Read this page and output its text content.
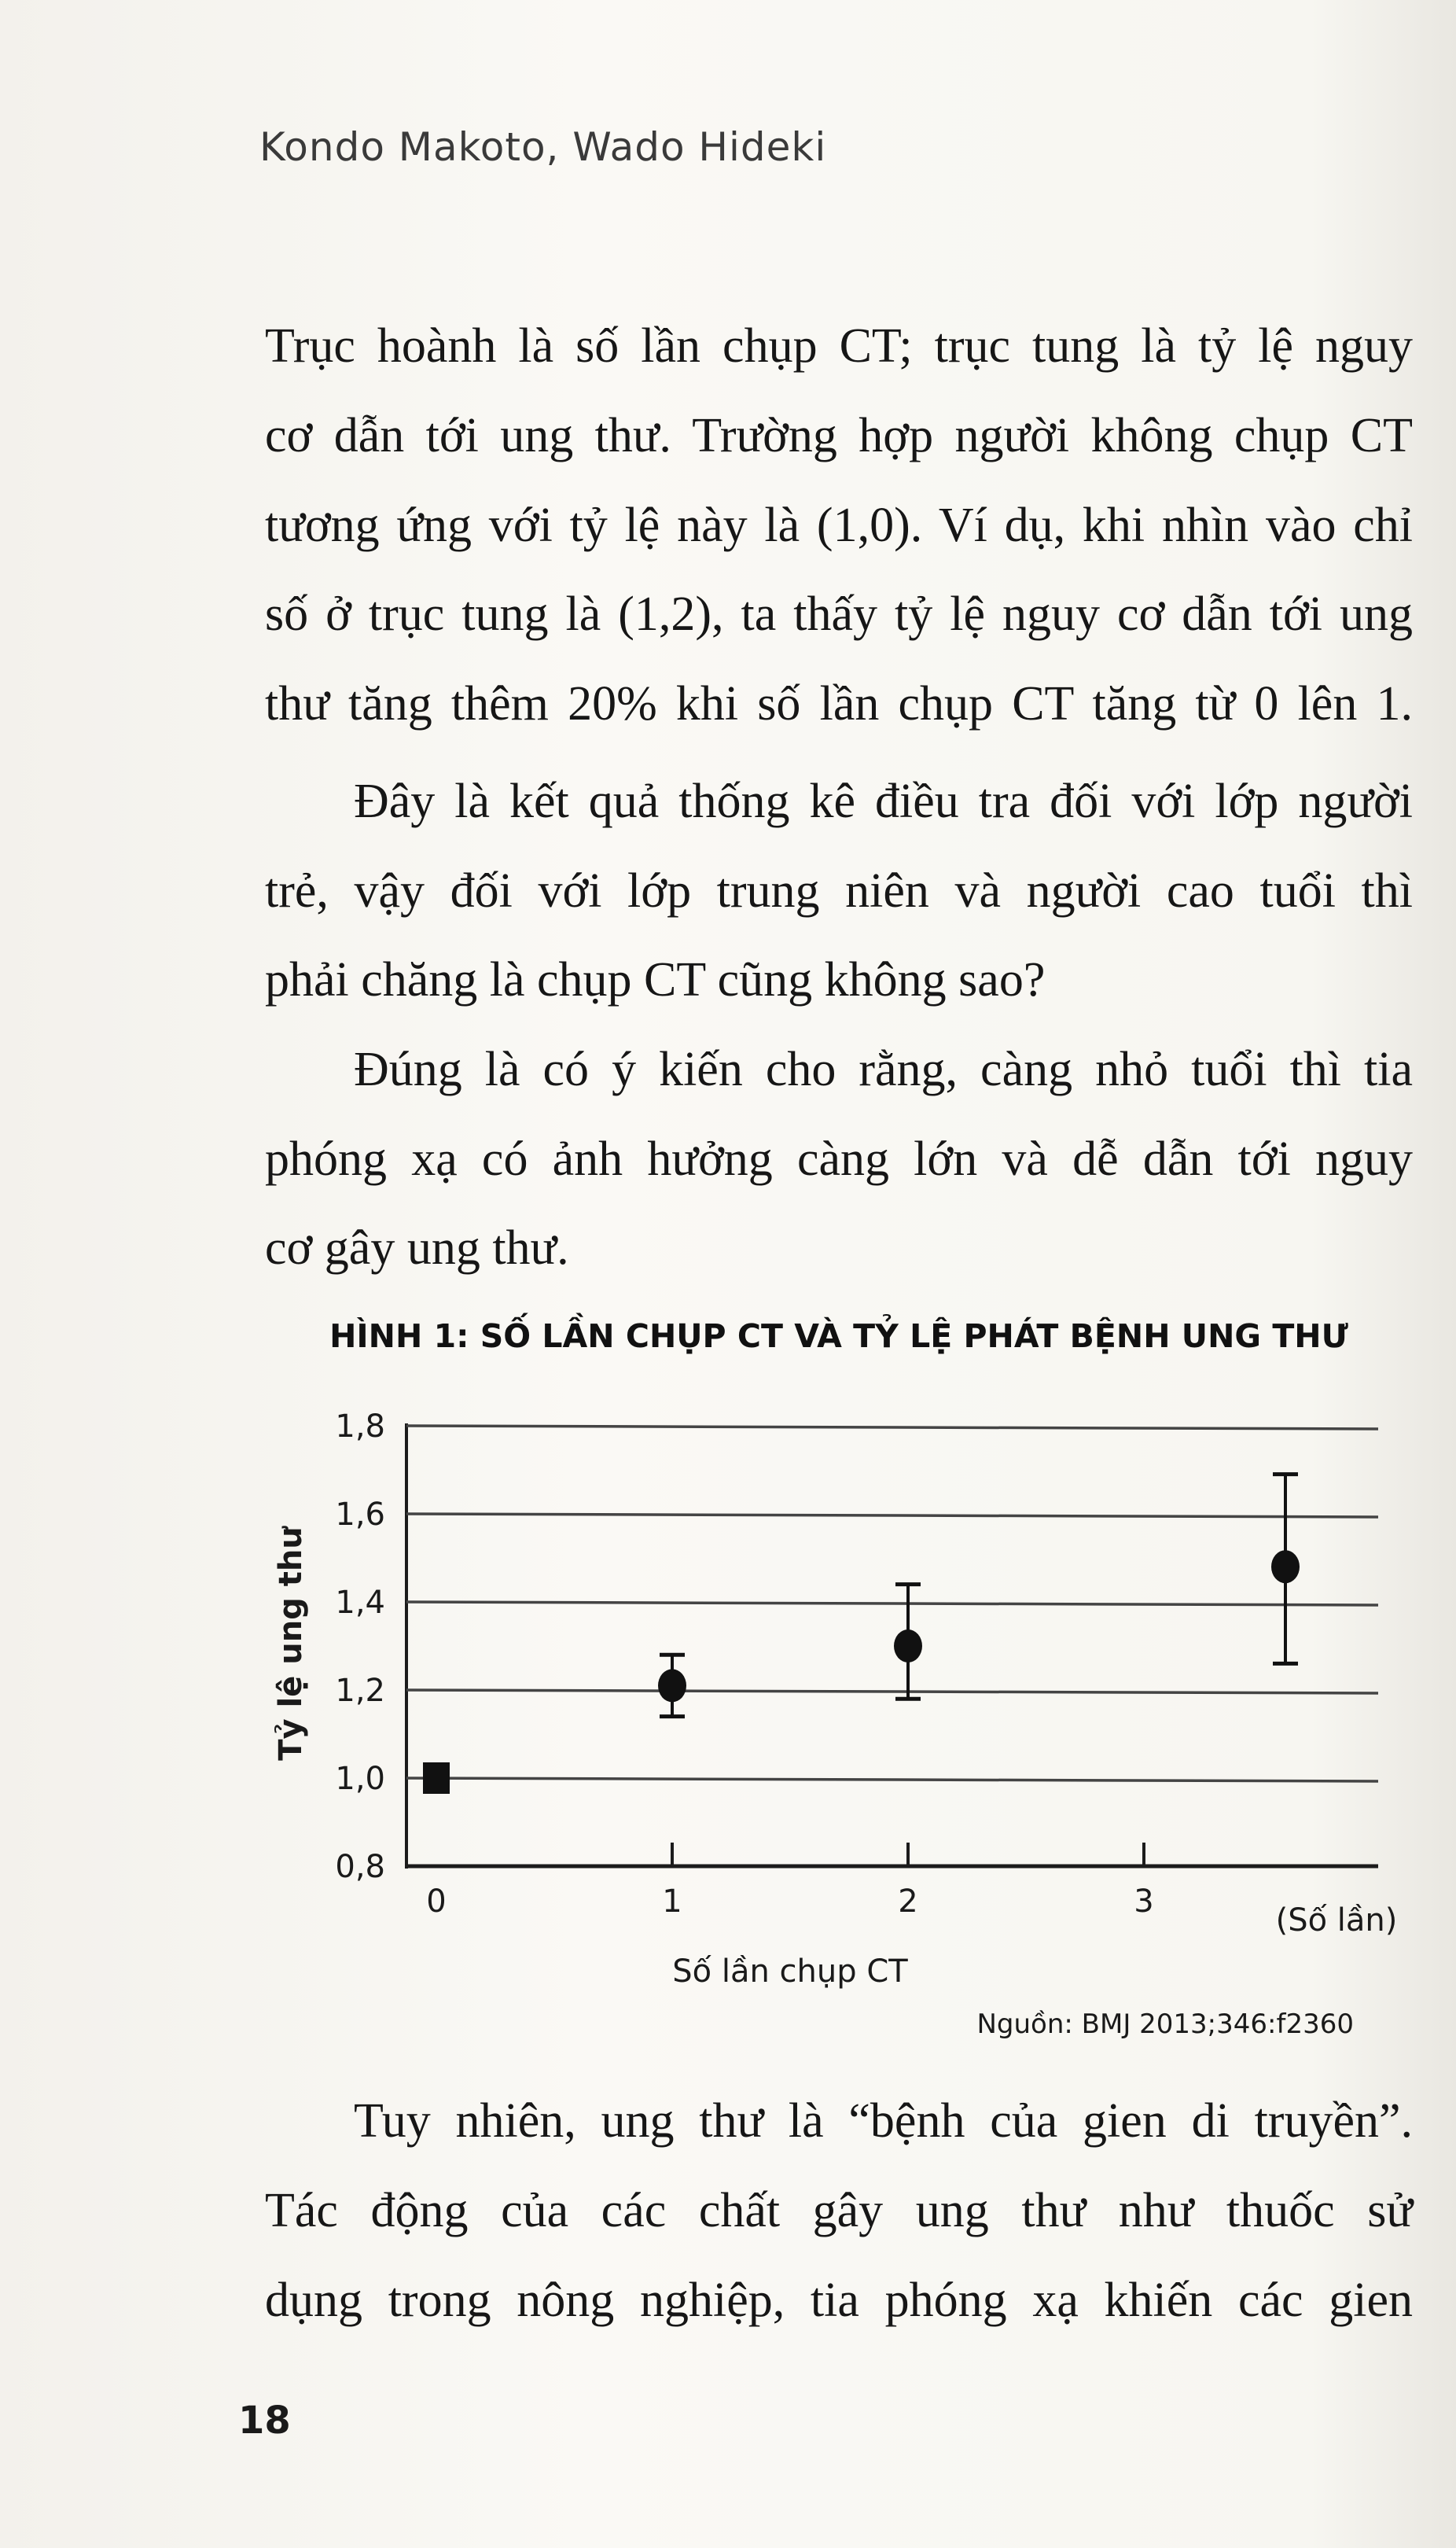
Kondo Makoto, Wado Hideki
Trục hoành là số lần chụp CT; trục tung là tỷ lệ nguy
cơ dẫn tới ung thư. Trường hợp người không chụp CT
tương ứng với tỷ lệ này là (1,0). Ví dụ, khi nhìn vào chỉ
số ở trục tung là (1,2), ta thấy tỷ lệ nguy cơ dẫn tới ung
thư tăng thêm 20% khi số lần chụp CT tăng từ 0 lên 1.
Đây là kết quả thống kê điều tra đối với lớp người
trẻ, vậy đối với lớp trung niên và người cao tuổi thì
phải chăng là chụp CT cũng không sao?
Đúng là có ý kiến cho rằng, càng nhỏ tuổi thì tia
phóng xạ có ảnh hưởng càng lớn và dễ dẫn tới nguy
cơ gây ung thư.
HÌNH 1: SỐ LẦN CHỤP CT VÀ TỶ LỆ PHÁT BỆNH UNG THƯ
0,8
1,0
1,2
1,4
1,6
1,8
0	1	2	3
(Số lần)
Số lần chụp CT
Tỷ lệ ung thư
Nguồn: BMJ 2013;346:f2360
Tuy nhiên, ung thư là “bệnh của gien di truyền”.
Tác động của các chất gây ung thư như thuốc sử
dụng trong nông nghiệp, tia phóng xạ khiến các gien
18
